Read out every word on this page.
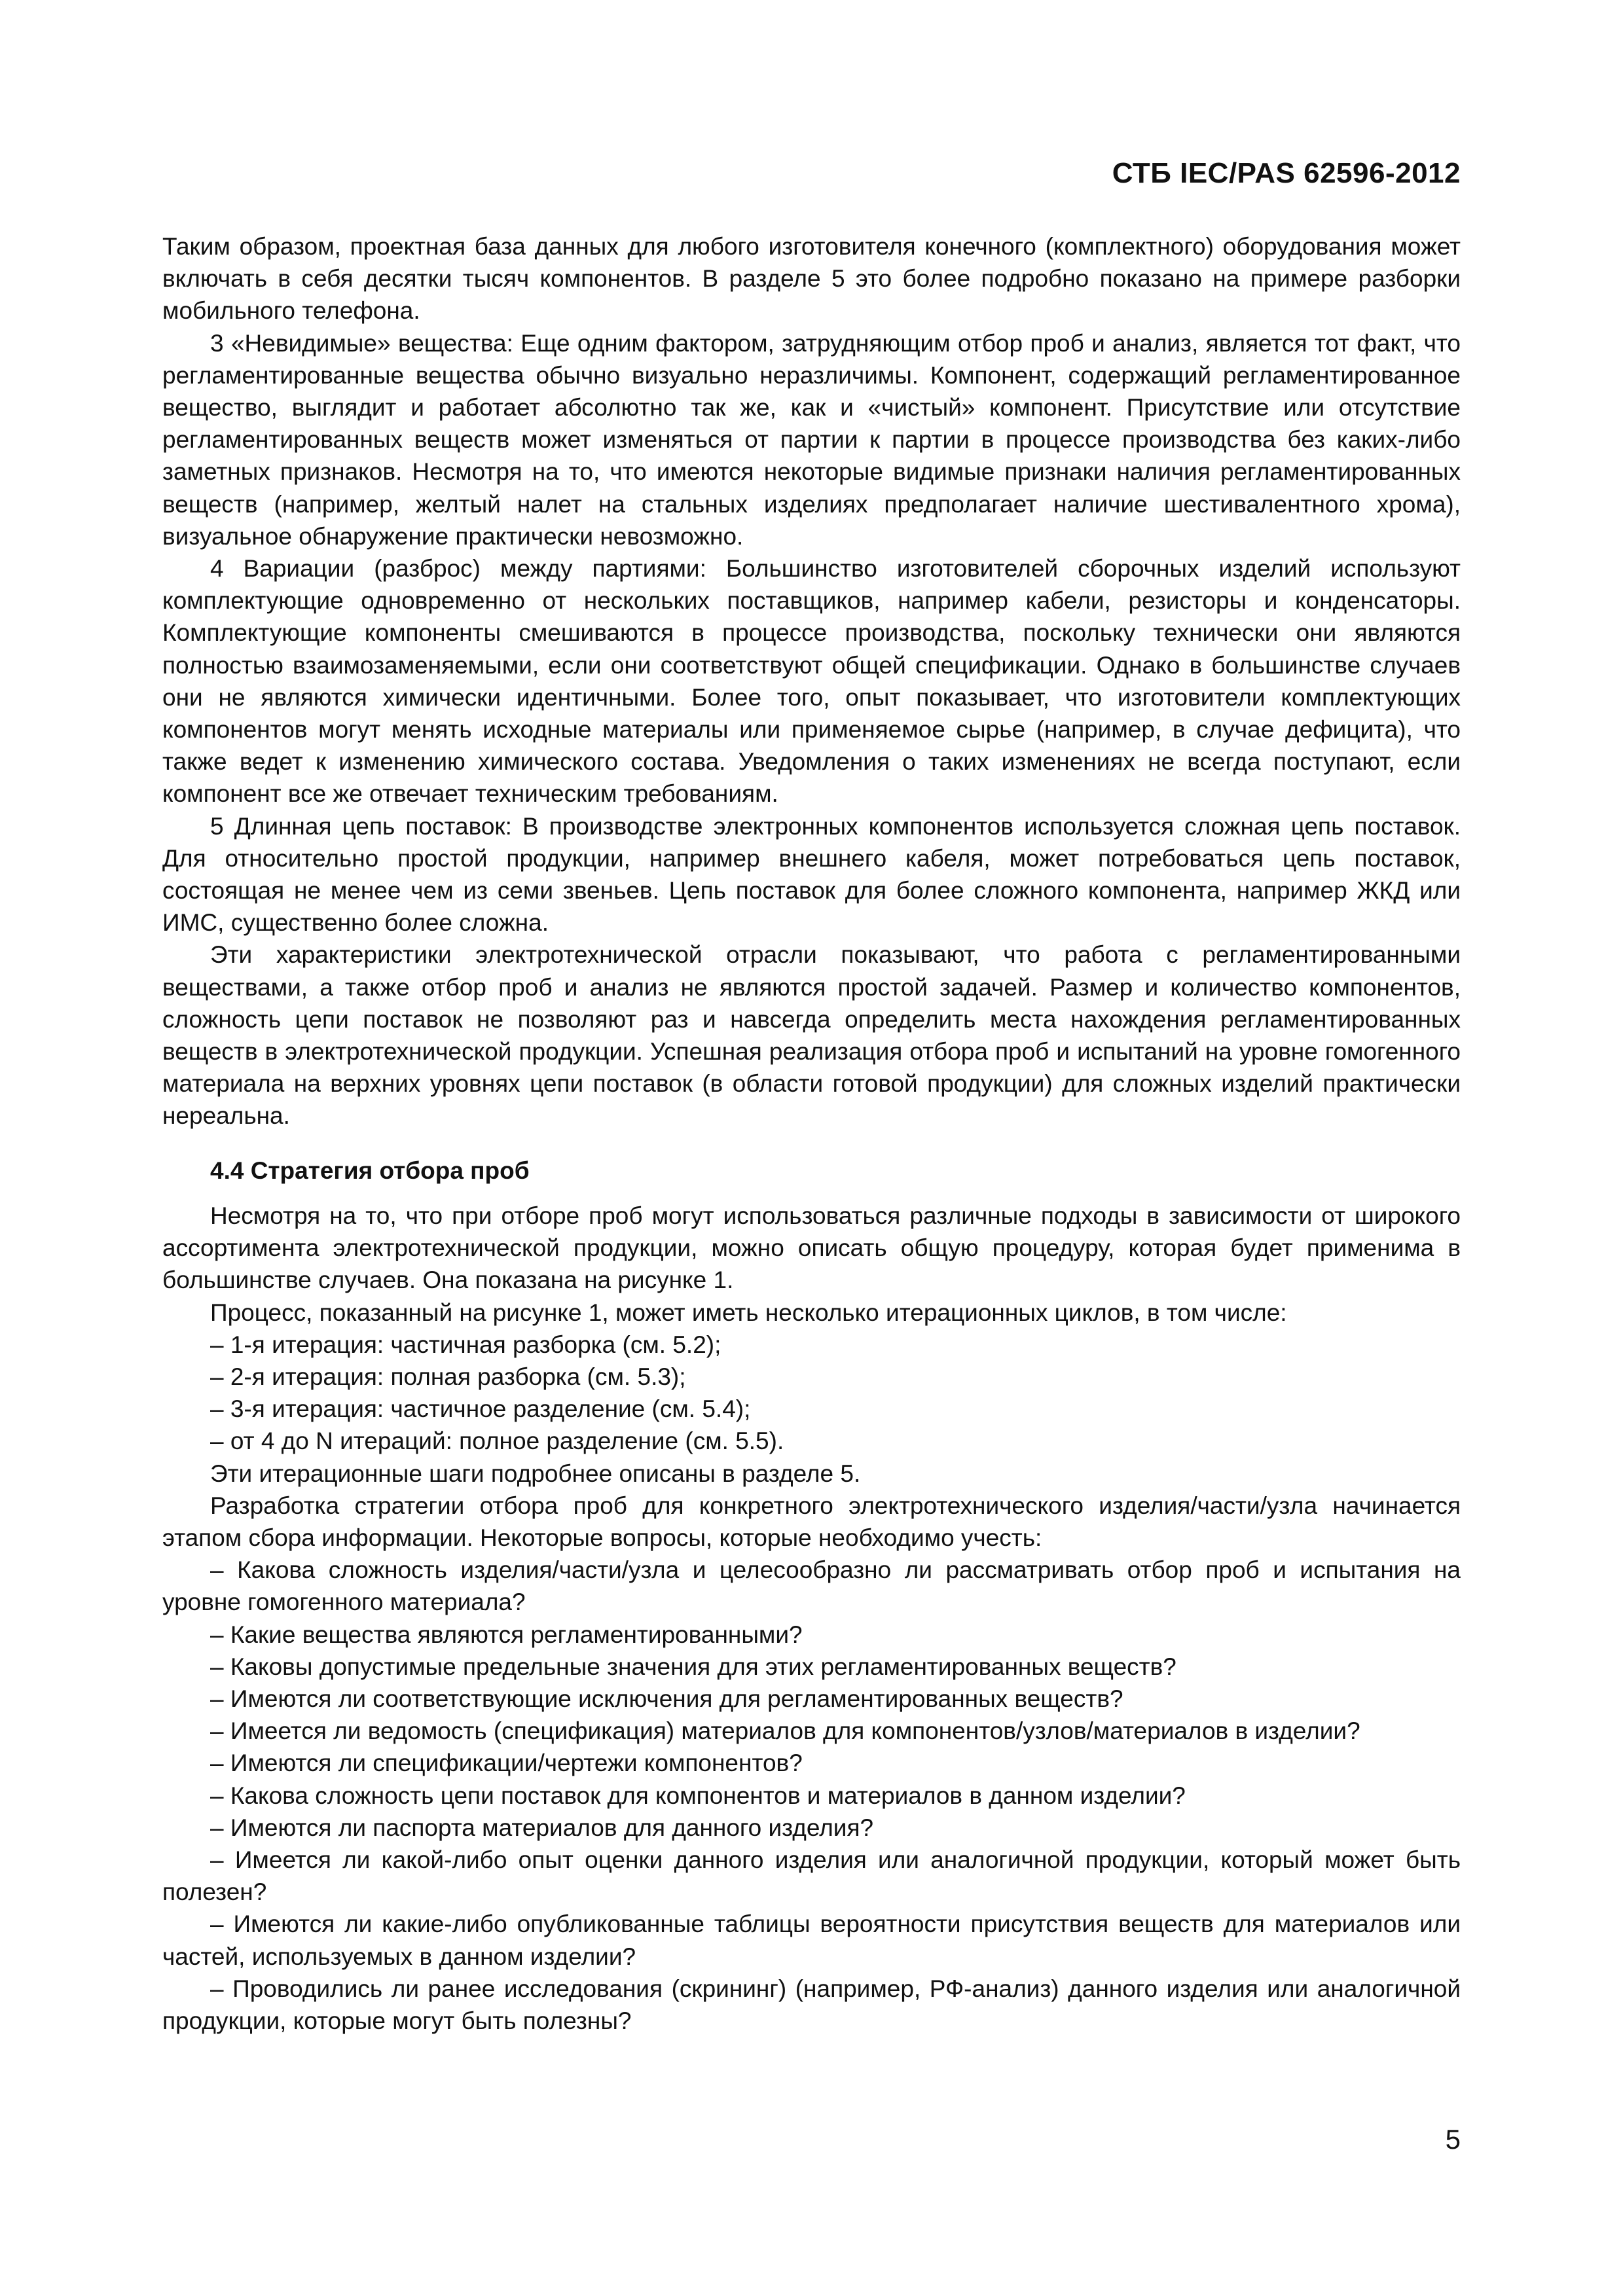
СТБ IEC/PAS 62596-2012

Таким образом, проектная база данных для любого изготовителя конечного (комплектного) оборудования может включать в себя десятки тысяч компонентов. В разделе 5 это более подробно показано на примере разборки мобильного телефона.

3 «Невидимые» вещества: Еще одним фактором, затрудняющим отбор проб и анализ, является тот факт, что регламентированные вещества обычно визуально неразличимы. Компонент, содержащий регламентированное вещество, выглядит и работает абсолютно так же, как и «чистый» компонент. Присутствие или отсутствие регламентированных веществ может изменяться от партии к партии в процессе производства без каких-либо заметных признаков. Несмотря на то, что имеются некоторые видимые признаки наличия регламентированных веществ (например, желтый налет на стальных изделиях предполагает наличие шестивалентного хрома), визуальное обнаружение практически невозможно.

4 Вариации (разброс) между партиями: Большинство изготовителей сборочных изделий используют комплектующие одновременно от нескольких поставщиков, например кабели, резисторы и конденсаторы. Комплектующие компоненты смешиваются в процессе производства, поскольку технически они являются полностью взаимозаменяемыми, если они соответствуют общей спецификации. Однако в большинстве случаев они не являются химически идентичными. Более того, опыт показывает, что изготовители комплектующих компонентов могут менять исходные материалы или применяемое сырье (например, в случае дефицита), что также ведет к изменению химического состава. Уведомления о таких изменениях не всегда поступают, если компонент все же отвечает техническим требованиям.

5 Длинная цепь поставок: В производстве электронных компонентов используется сложная цепь поставок. Для относительно простой продукции, например внешнего кабеля, может потребоваться цепь поставок, состоящая не менее чем из семи звеньев. Цепь поставок для более сложного компонента, например ЖКД или ИМС, существенно более сложна.

Эти характеристики электротехнической отрасли показывают, что работа с регламентированными веществами, а также отбор проб и анализ не являются простой задачей. Размер и количество компонентов, сложность цепи поставок не позволяют раз и навсегда определить места нахождения регламентированных веществ в электротехнической продукции. Успешная реализация отбора проб и испытаний на уровне гомогенного материала на верхних уровнях цепи поставок (в области готовой продукции) для сложных изделий практически нереальна.

4.4 Стратегия отбора проб

Несмотря на то, что при отборе проб могут использоваться различные подходы в зависимости от широкого ассортимента электротехнической продукции, можно описать общую процедуру, которая будет применима в большинстве случаев. Она показана на рисунке 1.

Процесс, показанный на рисунке 1, может иметь несколько итерационных циклов, в том числе:

– 1-я итерация: частичная разборка (см. 5.2);

– 2-я итерация: полная разборка (см. 5.3);

– 3-я итерация: частичное разделение (см. 5.4);

– от 4 до N итераций: полное разделение (см. 5.5).

Эти итерационные шаги подробнее описаны в разделе 5.

Разработка стратегии отбора проб для конкретного электротехнического изделия/части/узла начинается этапом сбора информации. Некоторые вопросы, которые необходимо учесть:

– Какова сложность изделия/части/узла и целесообразно ли рассматривать отбор проб и испытания на уровне гомогенного материала?

– Какие вещества являются регламентированными?

– Каковы допустимые предельные значения для этих регламентированных веществ?

– Имеются ли соответствующие исключения для регламентированных веществ?

– Имеется ли ведомость (спецификация) материалов для компонентов/узлов/материалов в изделии?

– Имеются ли спецификации/чертежи компонентов?

– Какова сложность цепи поставок для компонентов и материалов в данном изделии?

– Имеются ли паспорта материалов для данного изделия?

– Имеется ли какой-либо опыт оценки данного изделия или аналогичной продукции, который может быть полезен?

– Имеются ли какие-либо опубликованные таблицы вероятности присутствия веществ для материалов или частей, используемых в данном изделии?

– Проводились ли ранее исследования (скрининг) (например, РФ-анализ) данного изделия или аналогичной продукции, которые могут быть полезны?

5
